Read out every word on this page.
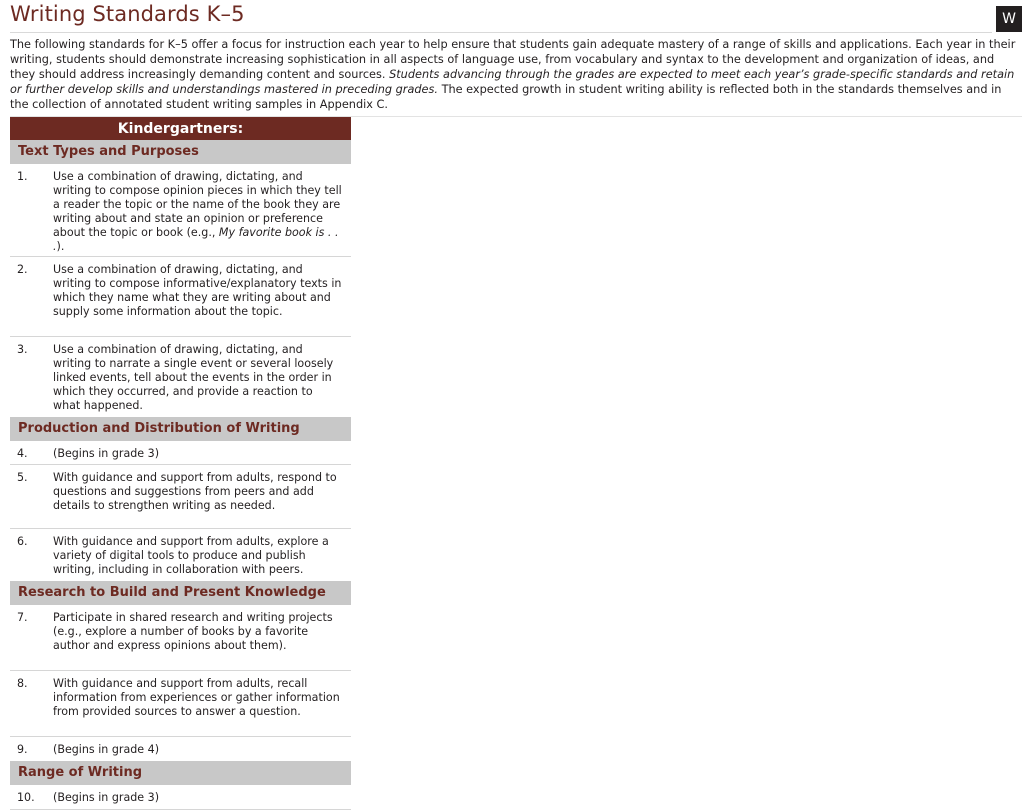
Writing Standards K–5	W

The following standards for K–5 offer a focus for instruction each year to help ensure that students gain adequate mastery of a range of skills and applications. Each year in their writing, students should demonstrate increasing sophistication in all aspects of language use, from vocabulary and syntax to the development and organization of ideas, and they should address increasingly demanding content and sources. Students advancing through the grades are expected to meet each year’s grade-specific standards and retain or further develop skills and understandings mastered in preceding grades. The expected growth in student writing ability is reflected both in the standards themselves and in the collection of annotated student writing samples in Appendix C.

Kindergartners:
Text Types and Purposes
1. Use a combination of drawing, dictating, and writing to compose opinion pieces in which they tell a reader the topic or the name of the book they are writing about and state an opinion or preference about the topic or book (e.g., My favorite book is . . .).
2. Use a combination of drawing, dictating, and writing to compose informative/explanatory texts in which they name what they are writing about and supply some information about the topic.
3. Use a combination of drawing, dictating, and writing to narrate a single event or several loosely linked events, tell about the events in the order in which they occurred, and provide a reaction to what happened.
Production and Distribution of Writing
4. (Begins in grade 3)
5. With guidance and support from adults, respond to questions and suggestions from peers and add details to strengthen writing as needed.
6. With guidance and support from adults, explore a variety of digital tools to produce and publish writing, including in collaboration with peers.
Research to Build and Present Knowledge
7. Participate in shared research and writing projects (e.g., explore a number of books by a favorite author and express opinions about them).
8. With guidance and support from adults, recall information from experiences or gather information from provided sources to answer a question.
9. (Begins in grade 4)
Range of Writing
10. (Begins in grade 3)
